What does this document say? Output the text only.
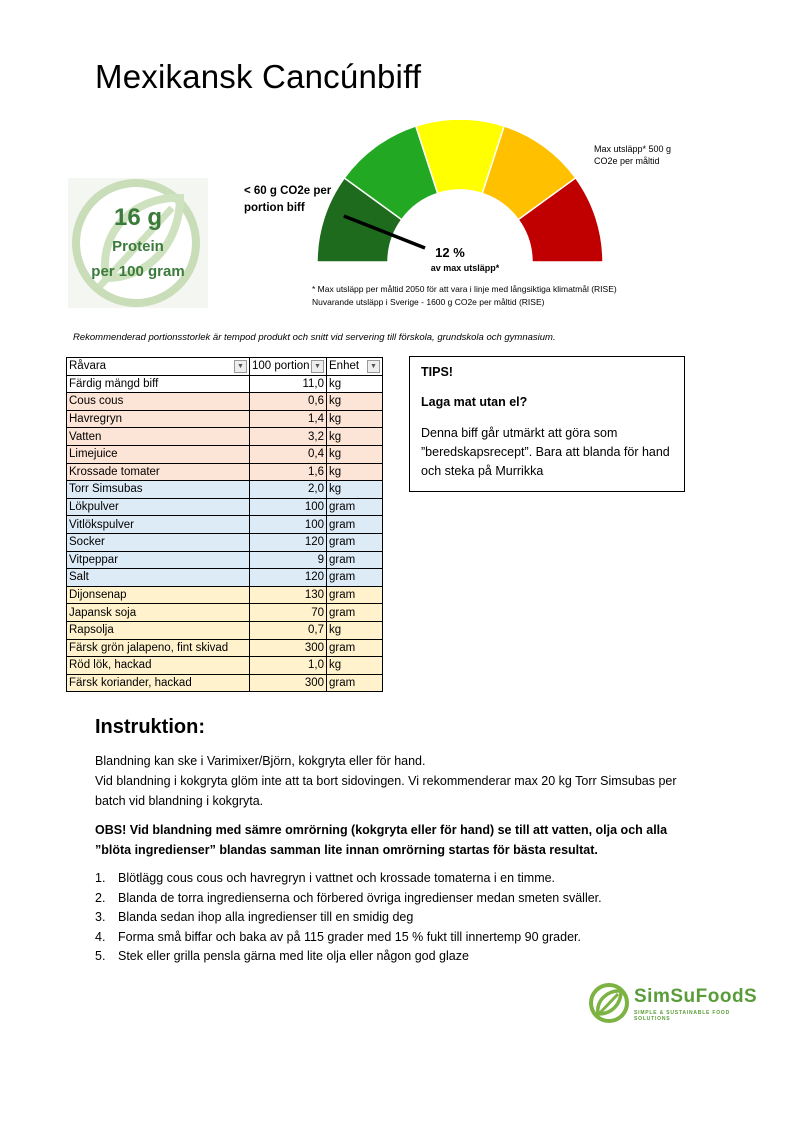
Mexikansk Cancúnbiff
16 g
Protein
per 100 gram
< 60 g CO2e per portion biff
Max utsläpp* 500 g CO2e per måltid
12 %
av max utsläpp*
* Max utsläpp per måltid 2050 för att vara i linje med långsiktiga klimatmål (RISE)
Nuvarande utsläpp i Sverige - 1600 g CO2e per måltid (RISE)
Rekommenderad portionsstorlek är tempod produkt och snitt vid servering till förskola, grundskola och gymnasium.
Råvara ▼	100 portion ▼	Enhet ▼

Färdig mängd biff	11,0	kg
Cous cous	0,6	kg
Havregryn	1,4	kg
Vatten	3,2	kg
Limejuice	0,4	kg
Krossade tomater	1,6	kg
Torr Simsubas	2,0	kg
Lökpulver	100	gram
Vitlökspulver	100	gram
Socker	120	gram
Vitpeppar	9	gram
Salt	120	gram
Dijonsenap	130	gram
Japansk soja	70	gram
Rapsolja	0,7	kg
Färsk grön jalapeno, fint skivad	300	gram
Röd lök, hackad	1,0	kg
Färsk koriander, hackad	300	gram
TIPS!
Laga mat utan el?
Denna biff går utmärkt att göra som ”beredskapsrecept”. Bara att blanda för hand och steka på Murrikka
Instruktion:
Blandning kan ske i Varimixer/Björn, kokgryta eller för hand.
Vid blandning i kokgryta glöm inte att ta bort sidovingen. Vi rekommenderar max 20 kg Torr Simsubas per batch vid blandning i kokgryta.
OBS! Vid blandning med sämre omrörning (kokgryta eller för hand) se till att vatten, olja och alla ”blöta ingredienser” blandas samman lite innan omrörning startas för bästa resultat.
1. Blötlägg cous cous och havregryn i vattnet och krossade tomaterna i en timme.
2. Blanda de torra ingredienserna och förbered övriga ingredienser medan smeten sväller.
3. Blanda sedan ihop alla ingredienser till en smidig deg
4. Forma små biffar och baka av på 115 grader med 15 % fukt till innertemp 90 grader.
5. Stek eller grilla pensla gärna med lite olja eller någon god glaze
SimSuFoodS
SIMPLE & SUSTAINABLE FOOD SOLUTIONS
